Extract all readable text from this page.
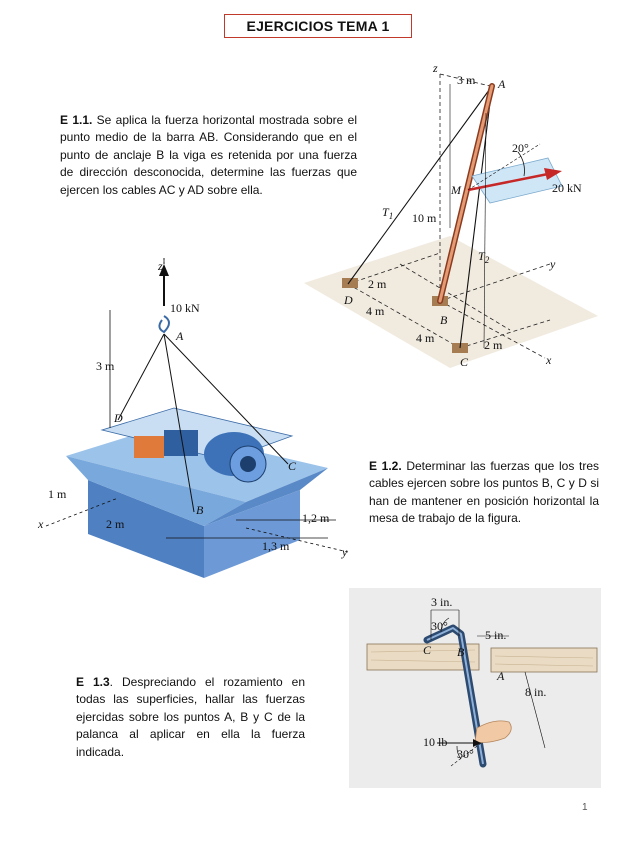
EJERCICIOS TEMA 1
E 1.1. Se aplica la fuerza horizontal mostrada sobre el punto medio de la barra AB. Considerando que en el punto de anclaje B la viga es retenida por una fuerza de dirección desconocida, determine las fuerzas que ejercen los cables AC y AD sobre ella.
z
y
x
3 m A
20°
M	20 kN
$T_1$ 10 m
$T_2$
2 m
D
4 m
B
4 m	2 m
C
z
10 kN
A
3 m
D
C
1 m
B
x	2 m	1,2 m
1,3 m	y
E 1.2. Determinar las fuerzas que los tres cables ejercen sobre los puntos B, C y D si han de mantener en posición horizontal la mesa de trabajo de la figura.
E 1.3. Despreciando el rozamiento en todas las superficies, hallar las fuerzas ejercidas sobre los puntos A, B y C de la palanca al aplicar en ella la fuerza indicada.
3 in.
30°
5 in.
C B
A
8 in.
10 lb
30°
1
